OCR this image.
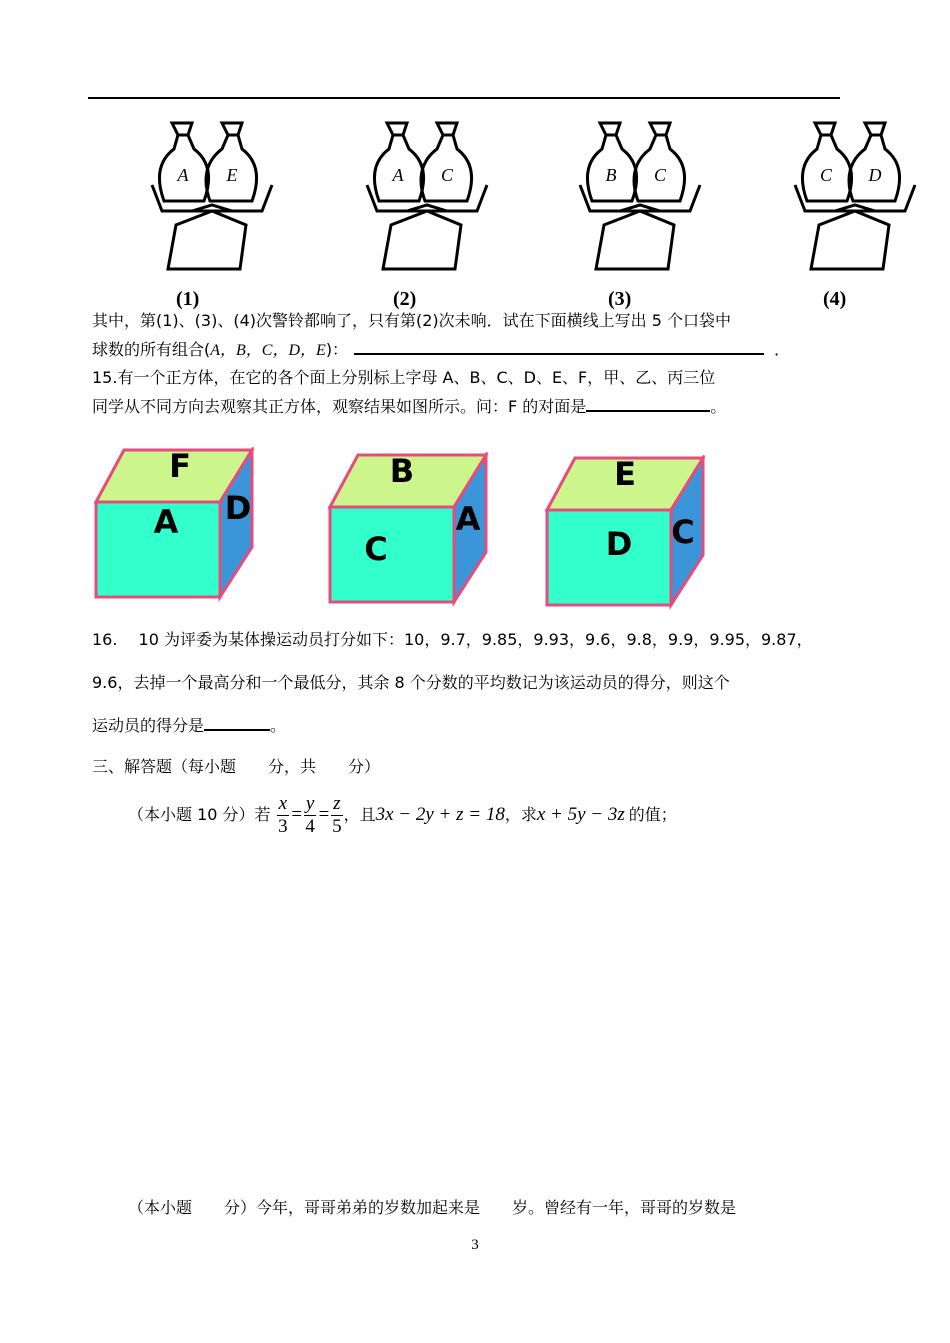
A E
(1)
A C
(2)
B C
(3)
C D
(4)
其中，第(1)、(3)、(4)次警铃都响了，只有第(2)次未响．试在下面横线上写出 5 个口袋中
球数的所有组合(A，B，C，D，E)：	．
15.有一个正方体，在它的各个面上分别标上字母 A、B、C、D、E、F，甲、乙、丙三位
同学从不同方向去观察其正方体，观察结果如图所示。问：F 的对面是	。
F
A D
B
C
A
E
D C
16.　 10 为评委为某体操运动员打分如下：10，9.7，9.85，9.93，9.6，9.8，9.9，9.95，9.87，
9.6，去掉一个最高分和一个最低分，其余 8 个分数的平均数记为该运动员的得分，则这个
运动员的得分是	。
三、解答题（每小题　　分，共　　分）
（本小题 10 分）若 $\frac{x}{3} = \frac{y}{4} = \frac{z}{5}$ ，且3x − 2y + z = 18，求x + 5y − 3z 的值；
（本小题　　分）今年，哥哥弟弟的岁数加起来是　　岁。曾经有一年，哥哥的岁数是
3
